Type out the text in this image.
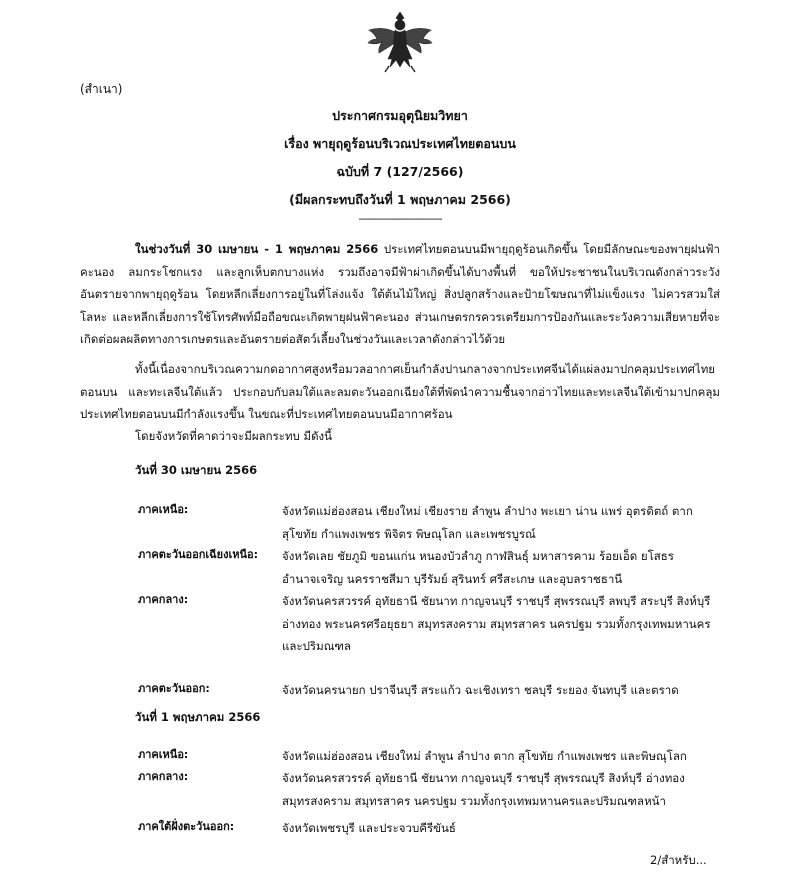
(สำเนา)
ประกาศกรมอุตุนิยมวิทยา
เรื่อง พายุฤดูร้อนบริเวณประเทศไทยตอนบน
ฉบับที่ 7 (127/2566)
(มีผลกระทบถึงวันที่ 1 พฤษภาคม 2566)
----------------------------
ในช่วงวันที่ 30 เมษายน - 1 พฤษภาคม 2566 ประเทศไทยตอนบนมีพายุฤดูร้อนเกิดขึ้น โดยมีลักษณะของพายุฝนฟ้าคะนอง ลมกระโชกแรง และลูกเห็บตกบางแห่ง รวมถึงอาจมีฟ้าผ่าเกิดขึ้นได้บางพื้นที่ ขอให้ประชาชนในบริเวณดังกล่าวระวังอันตรายจากพายุฤดูร้อน โดยหลีกเลี่ยงการอยู่ในที่โล่งแจ้ง ใต้ต้นไม้ใหญ่ สิ่งปลูกสร้างและป้ายโฆษณาที่ไม่แข็งแรง ไม่ควรสวมใส่โลหะ และหลีกเลี่ยงการใช้โทรศัพท์มือถือขณะเกิดพายุฝนฟ้าคะนอง ส่วนเกษตรกรควรเตรียมการป้องกันและระวังความเสียหายที่จะเกิดต่อผลผลิตทางการเกษตรและอันตรายต่อสัตว์เลี้ยงในช่วงวันและเวลาดังกล่าวไว้ด้วย
ทั้งนี้เนื่องจากบริเวณความกดอากาศสูงหรือมวลอากาศเย็นกำลังปานกลางจากประเทศจีนได้แผ่ลงมาปกคลุมประเทศไทยตอนบน และทะเลจีนใต้แล้ว ประกอบกับลมใต้และลมตะวันออกเฉียงใต้ที่พัดนำความชื้นจากอ่าวไทยและทะเลจีนใต้เข้ามาปกคลุมประเทศไทยตอนบนมีกำลังแรงขึ้น ในขณะที่ประเทศไทยตอนบนมีอากาศร้อน
โดยจังหวัดที่คาดว่าจะมีผลกระทบ มีดังนี้
วันที่ 30 เมษายน 2566
ภาคเหนือ:	จังหวัดแม่ฮ่องสอน เชียงใหม่ เชียงราย ลำพูน ลำปาง พะเยา น่าน แพร่ อุตรดิตถ์ ตาก สุโขทัย กำแพงเพชร พิจิตร พิษณุโลก และเพชรบูรณ์
ภาคตะวันออกเฉียงเหนือ: จังหวัดเลย ชัยภูมิ ขอนแก่น หนองบัวลำภู กาฬสินธุ์ มหาสารคาม ร้อยเอ็ด ยโสธร อำนาจเจริญ นครราชสีมา บุรีรัมย์ สุรินทร์ ศรีสะเกษ และอุบลราชธานี
ภาคกลาง:	จังหวัดนครสวรรค์ อุทัยธานี ชัยนาท กาญจนบุรี ราชบุรี สุพรรณบุรี ลพบุรี สระบุรี สิงห์บุรี อ่างทอง พระนครศรีอยุธยา สมุทรสงคราม สมุทรสาคร นครปฐม รวมทั้งกรุงเทพมหานครและปริมณฑล
ภาคตะวันออก:	จังหวัดนครนายก ปราจีนบุรี สระแก้ว ฉะเชิงเทรา ชลบุรี ระยอง จันทบุรี และตราด
วันที่ 1 พฤษภาคม 2566
ภาคเหนือ:	จังหวัดแม่ฮ่องสอน เชียงใหม่ ลำพูน ลำปาง ตาก สุโขทัย กำแพงเพชร และพิษณุโลก
ภาคกลาง:	จังหวัดนครสวรรค์ อุทัยธานี ชัยนาท กาญจนบุรี ราชบุรี สุพรรณบุรี สิงห์บุรี อ่างทอง สมุทรสงคราม สมุทรสาคร นครปฐม รวมทั้งกรุงเทพมหานครและปริมณฑลหน้า
ภาคใต้ฝั่งตะวันออก:	จังหวัดเพชรบุรี และประจวบคีรีขันธ์
2/สำหรับ...
